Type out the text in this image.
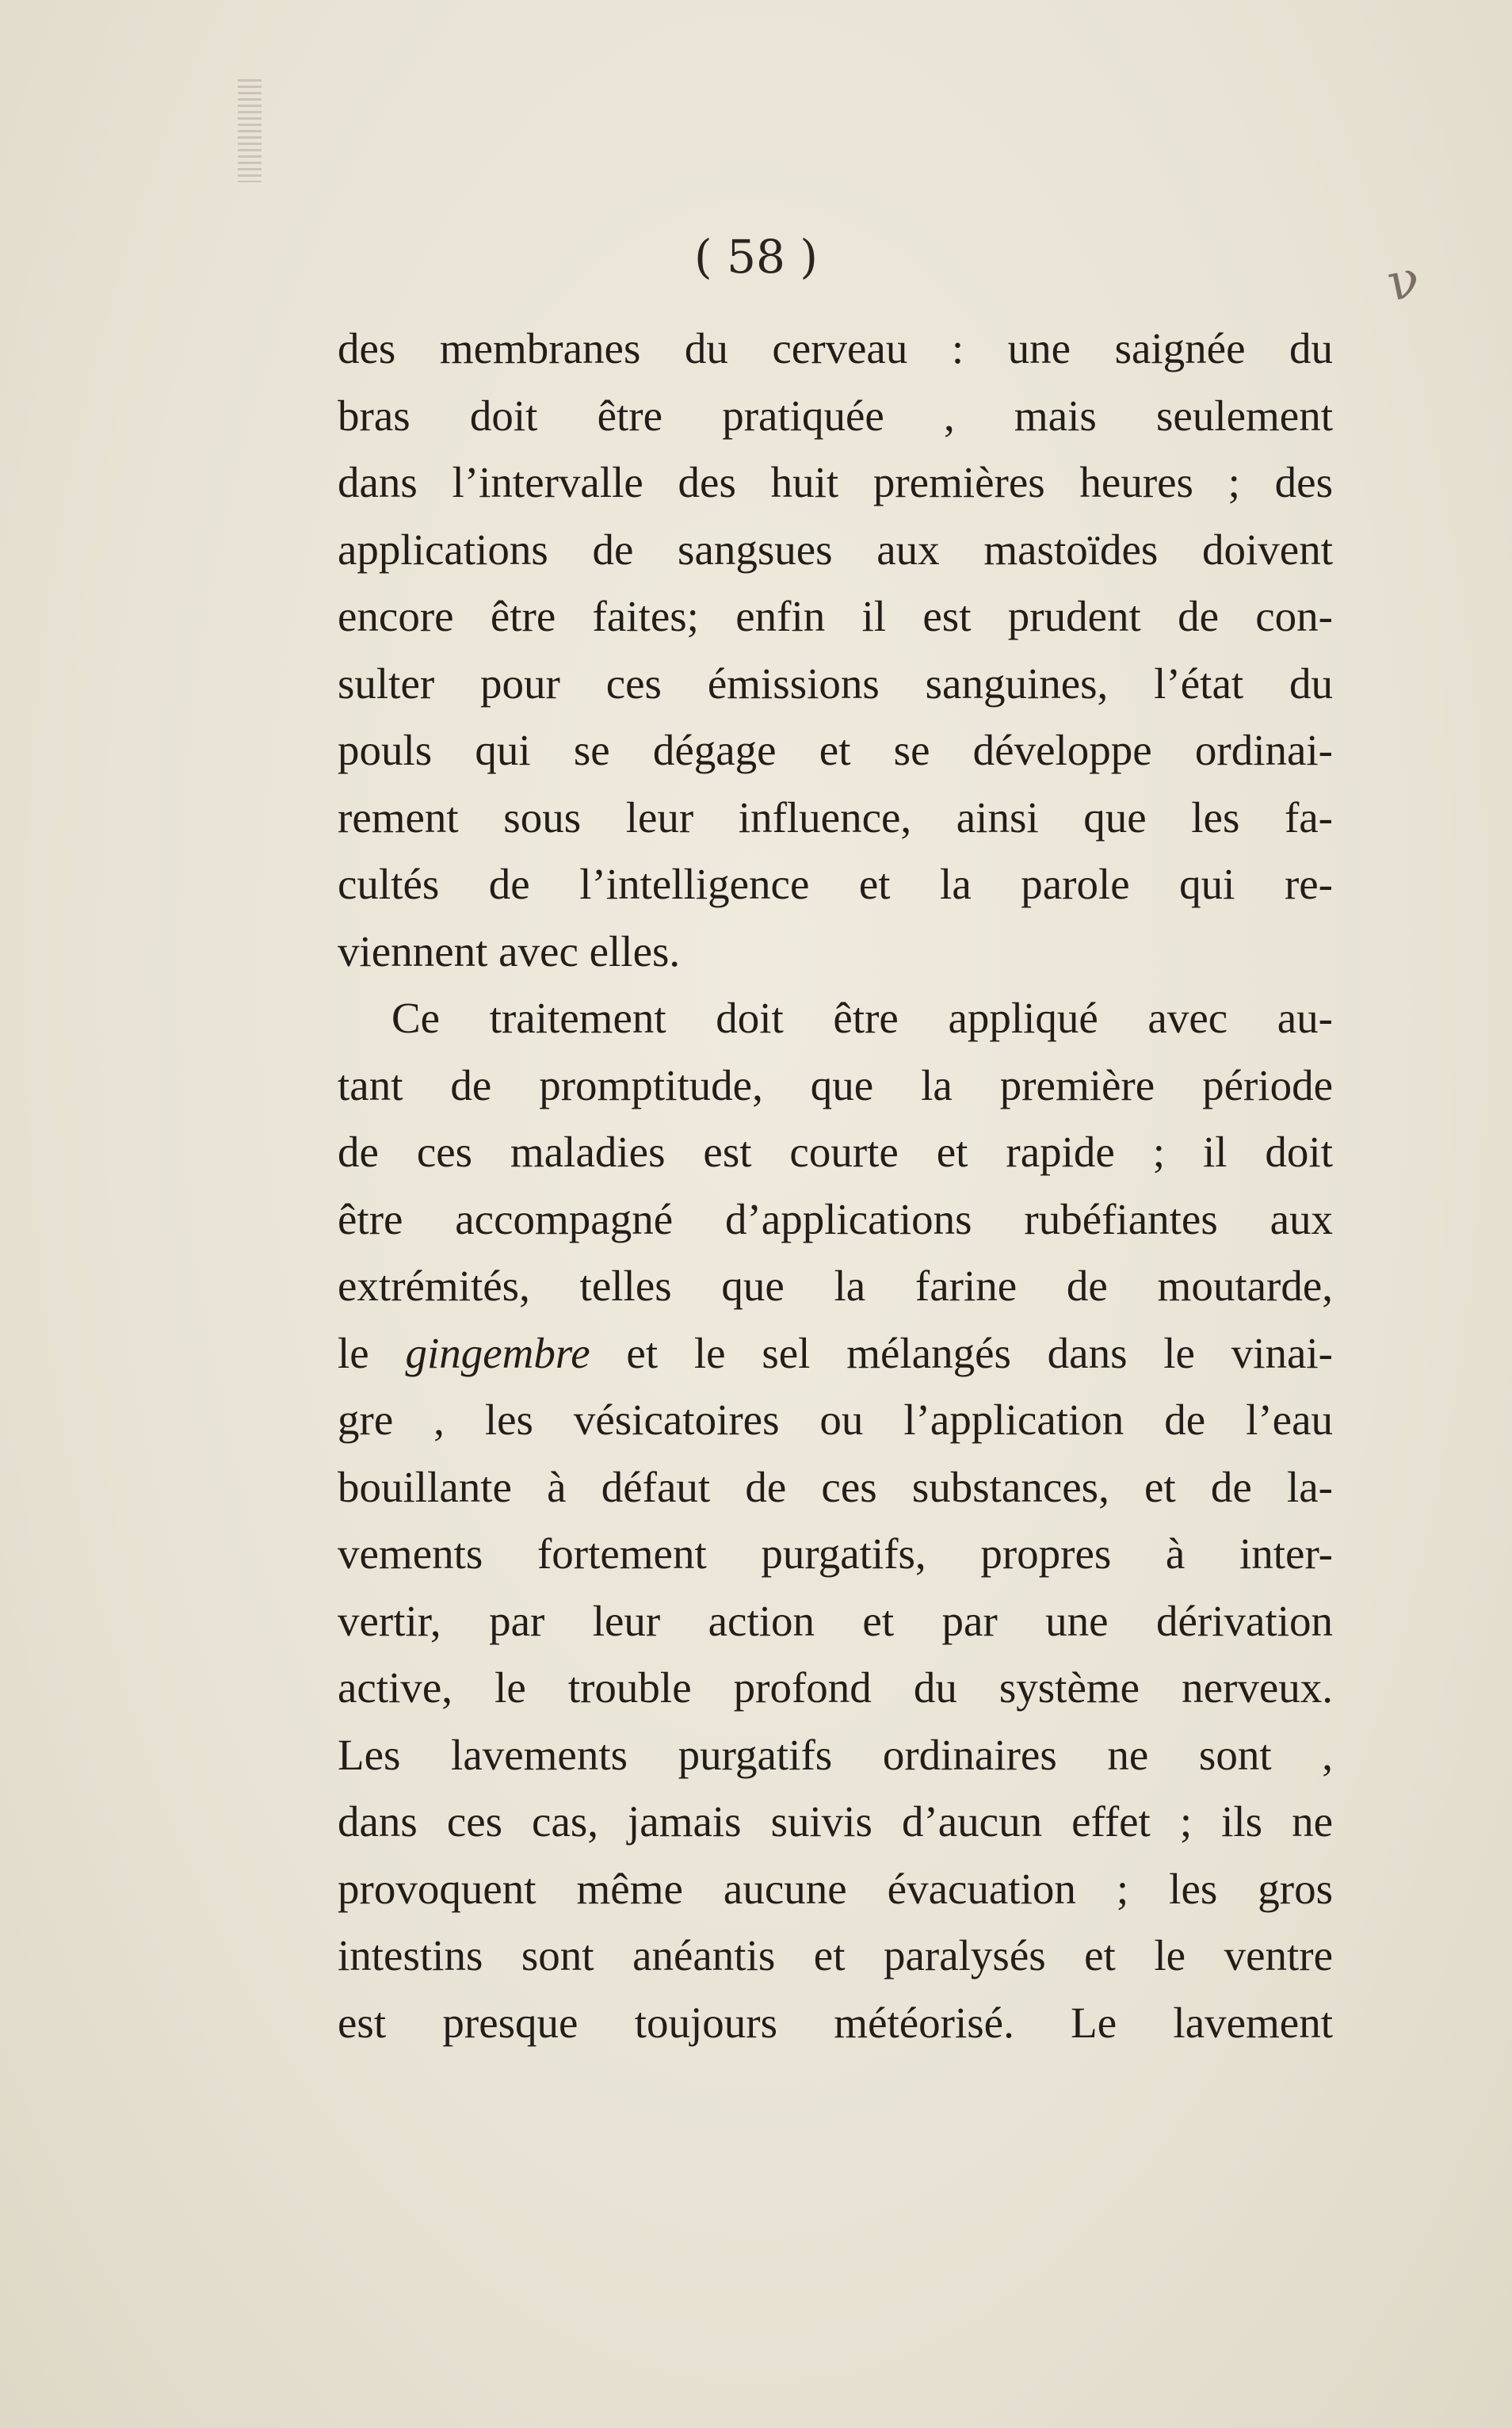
ν
( 58 )
des membranes du cerveau : une saignée du
bras doit être pratiquée , mais seulement
dans l’intervalle des huit premières heures ; des
applications de sangsues aux mastoïdes doivent
encore être faites; enfin il est prudent de con-
sulter pour ces émissions sanguines, l’état du
pouls qui se dégage et se développe ordinai-
rement sous leur influence, ainsi que les fa-
cultés de l’intelligence et la parole qui re-
viennent avec elles.
Ce traitement doit être appliqué avec au-
tant de promptitude, que la première période
de ces maladies est courte et rapide ; il doit
être accompagné d’applications rubéfiantes aux
extrémités, telles que la farine de moutarde,
le gingembre et le sel mélangés dans le vinai-
gre , les vésicatoires ou l’application de l’eau
bouillante à défaut de ces substances, et de la-
vements fortement purgatifs, propres à inter-
vertir, par leur action et par une dérivation
active, le trouble profond du système nerveux.
Les lavements purgatifs ordinaires ne sont ,
dans ces cas, jamais suivis d’aucun effet ; ils ne
provoquent même aucune évacuation ; les gros
intestins sont anéantis et paralysés et le ventre
est presque toujours météorisé. Le lavement
